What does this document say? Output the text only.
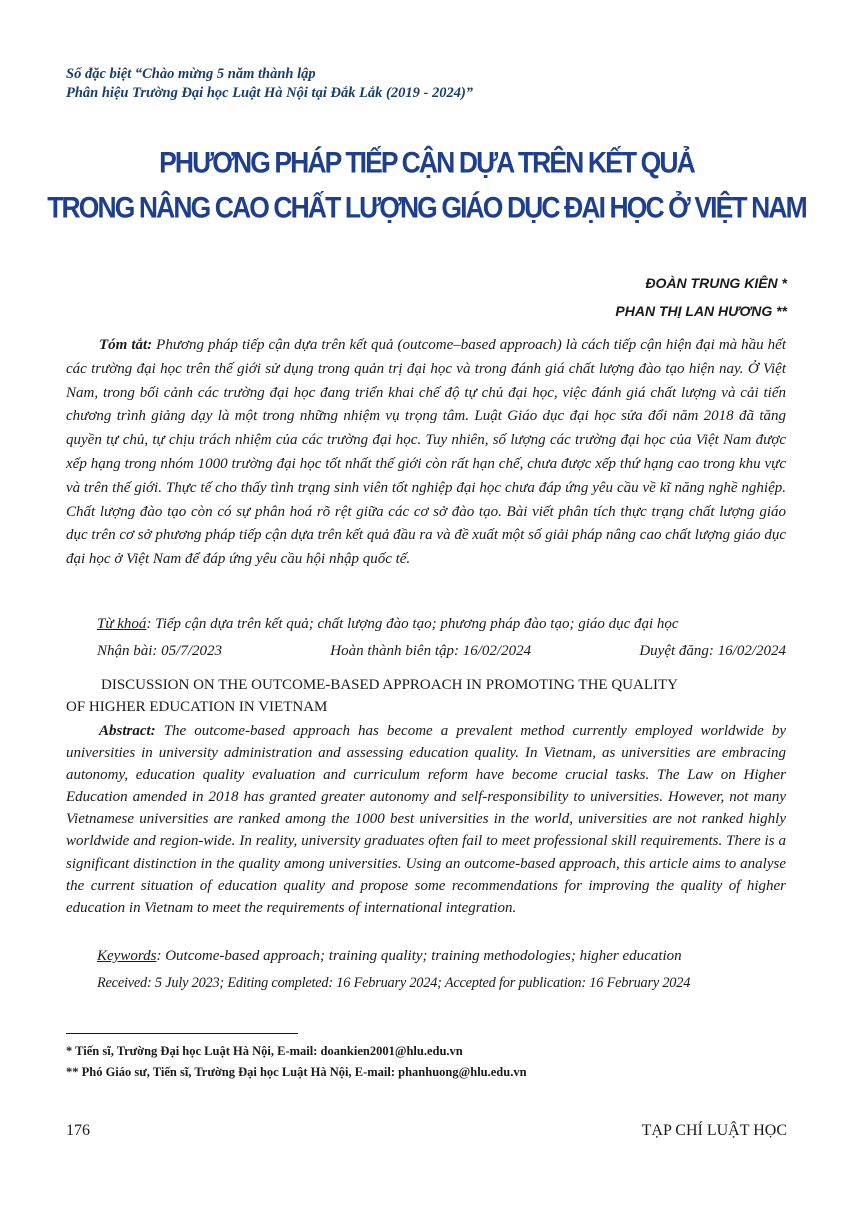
Số đặc biệt “Chào mừng 5 năm thành lập
Phân hiệu Trường Đại học Luật Hà Nội tại Đắk Lắk (2019 - 2024)”
PHƯƠNG PHÁP TIẾP CẬN DỰA TRÊN KẾT QUẢ
TRONG NÂNG CAO CHẤT LƯỢNG GIÁO DỤC ĐẠI HỌC Ở VIỆT NAM
ĐOÀN TRUNG KIÊN *
PHAN THỊ LAN HƯƠNG **
Tóm tắt: Phương pháp tiếp cận dựa trên kết quả (outcome–based approach) là cách tiếp cận hiện đại mà hầu hết các trường đại học trên thế giới sử dụng trong quản trị đại học và trong đánh giá chất lượng đào tạo hiện nay. Ở Việt Nam, trong bối cảnh các trường đại học đang triển khai chế độ tự chủ đại học, việc đánh giá chất lượng và cải tiến chương trình giảng dạy là một trong những nhiệm vụ trọng tâm. Luật Giáo dục đại học sửa đổi năm 2018 đã tăng quyền tự chủ, tự chịu trách nhiệm của các trường đại học. Tuy nhiên, số lượng các trường đại học của Việt Nam được xếp hạng trong nhóm 1000 trường đại học tốt nhất thế giới còn rất hạn chế, chưa được xếp thứ hạng cao trong khu vực và trên thế giới. Thực tế cho thấy tình trạng sinh viên tốt nghiệp đại học chưa đáp ứng yêu cầu về kĩ năng nghề nghiệp. Chất lượng đào tạo còn có sự phân hoá rõ rệt giữa các cơ sở đào tạo. Bài viết phân tích thực trạng chất lượng giáo dục trên cơ sở phương pháp tiếp cận dựa trên kết quả đầu ra và đề xuất một số giải pháp nâng cao chất lượng giáo dục đại học ở Việt Nam để đáp ứng yêu cầu hội nhập quốc tế.
Từ khoá: Tiếp cận dựa trên kết quả; chất lượng đào tạo; phương pháp đào tạo; giáo dục đại học
Nhận bài: 05/7/2023	Hoàn thành biên tập: 16/02/2024	Duyệt đăng: 16/02/2024
DISCUSSION ON THE OUTCOME-BASED APPROACH IN PROMOTING THE QUALITY
OF HIGHER EDUCATION IN VIETNAM
Abstract: The outcome-based approach has become a prevalent method currently employed worldwide by universities in university administration and assessing education quality. In Vietnam, as universities are embracing autonomy, education quality evaluation and curriculum reform have become crucial tasks. The Law on Higher Education amended in 2018 has granted greater autonomy and self-responsibility to universities. However, not many Vietnamese universities are ranked among the 1000 best universities in the world, universities are not ranked highly worldwide and region-wide. In reality, university graduates often fail to meet professional skill requirements. There is a significant distinction in the quality among universities. Using an outcome-based approach, this article aims to analyse the current situation of education quality and propose some recommendations for improving the quality of higher education in Vietnam to meet the requirements of international integration.
Keywords: Outcome-based approach; training quality; training methodologies; higher education
Received: 5 July 2023; Editing completed: 16 February 2024; Accepted for publication: 16 February 2024
* Tiến sĩ, Trường Đại học Luật Hà Nội, E-mail: doankien2001@hlu.edu.vn
** Phó Giáo sư, Tiến sĩ, Trường Đại học Luật Hà Nội, E-mail: phanhuong@hlu.edu.vn
176	TẠP CHÍ LUẬT HỌC
